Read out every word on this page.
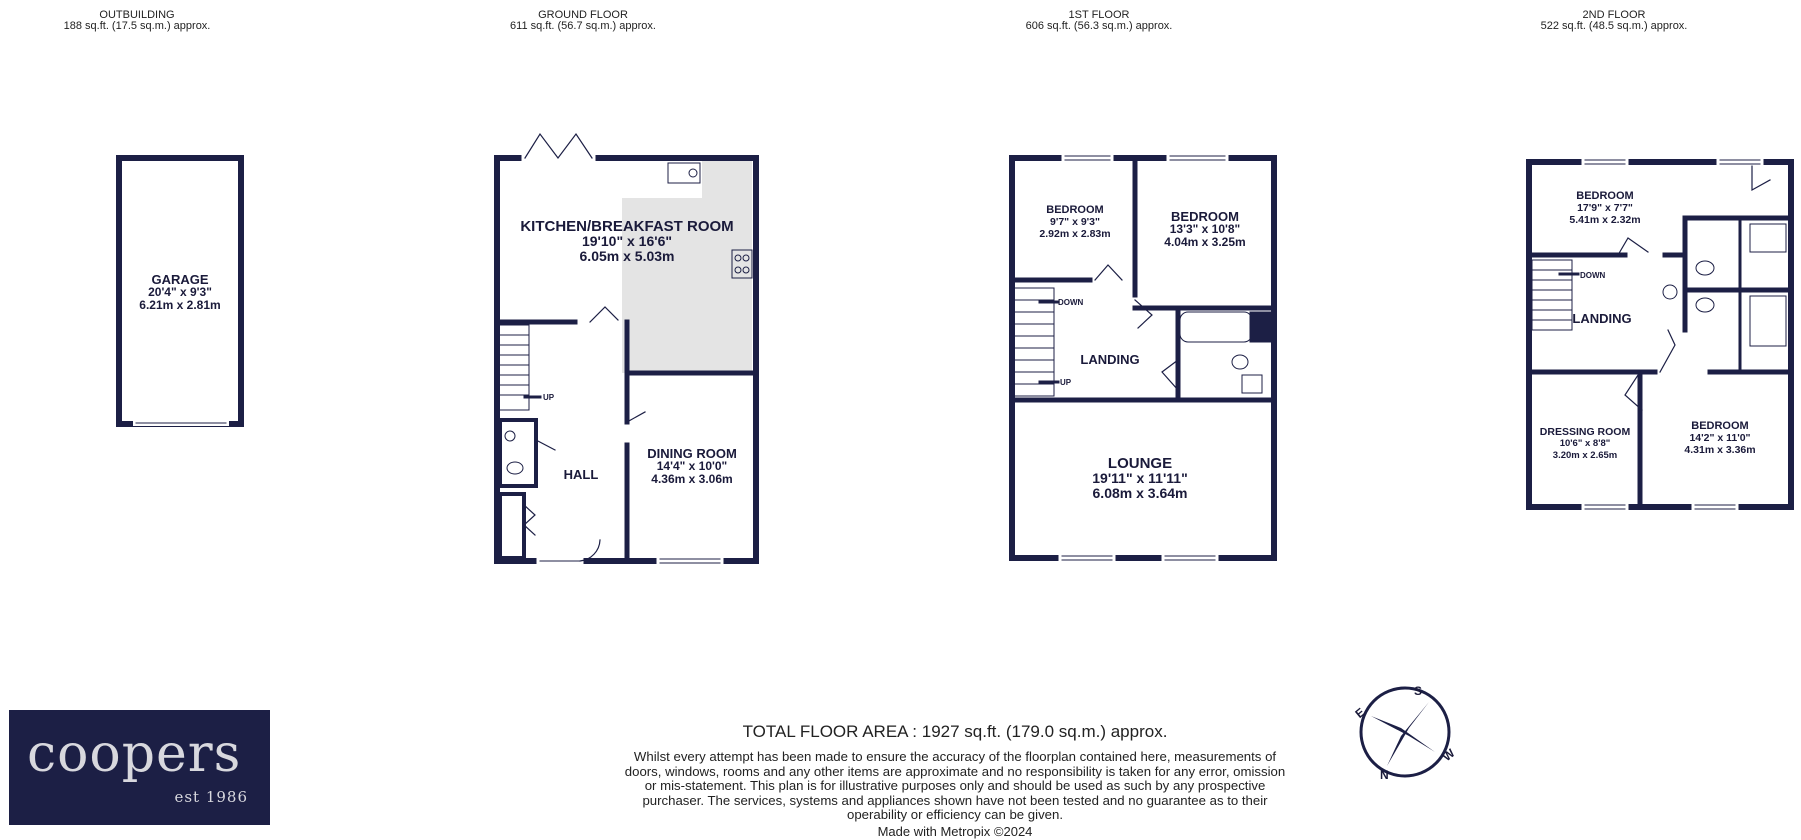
OUTBUILDING
188 sq.ft. (17.5 sq.m.) approx.
GROUND FLOOR
611 sq.ft. (56.7 sq.m.) approx.
1ST FLOOR
606 sq.ft. (56.3 sq.m.) approx.
2ND FLOOR
522 sq.ft. (48.5 sq.m.) approx.
GARAGE
20'4" x 9'3"
6.21m x 2.81m
KITCHEN/BREAKFAST ROOM
19'10" x 16'6"
6.05m x 5.03m
DINING ROOM
14'4" x 10'0"
4.36m x 3.06m
HALL
BEDROOM
9'7" x 9'3"
2.92m x 2.83m
BEDROOM
13'3" x 10'8"
4.04m x 3.25m
LANDING
LOUNGE
19'11" x 11'11"
6.08m x 3.64m
BEDROOM
17'9" x 7'7"
5.41m x 2.32m
LANDING
DRESSING ROOM
10'6" x 8'8"
3.20m x 2.65m
BEDROOM
14'2" x 11'0"
4.31m x 3.36m
UP
DOWN
UP
DOWN
S
W
N
E
coopers
est 1986
TOTAL FLOOR AREA : 1927 sq.ft. (179.0 sq.m.) approx.
Whilst every attempt has been made to ensure the accuracy of the floorplan contained here, measurements of doors, windows, rooms and any other items are approximate and no responsibility is taken for any error, omission or mis-statement. This plan is for illustrative purposes only and should be used as such by any prospective purchaser. The services, systems and appliances shown have not been tested and no guarantee as to their operability or efficiency can be given.
Made with Metropix ©2024
